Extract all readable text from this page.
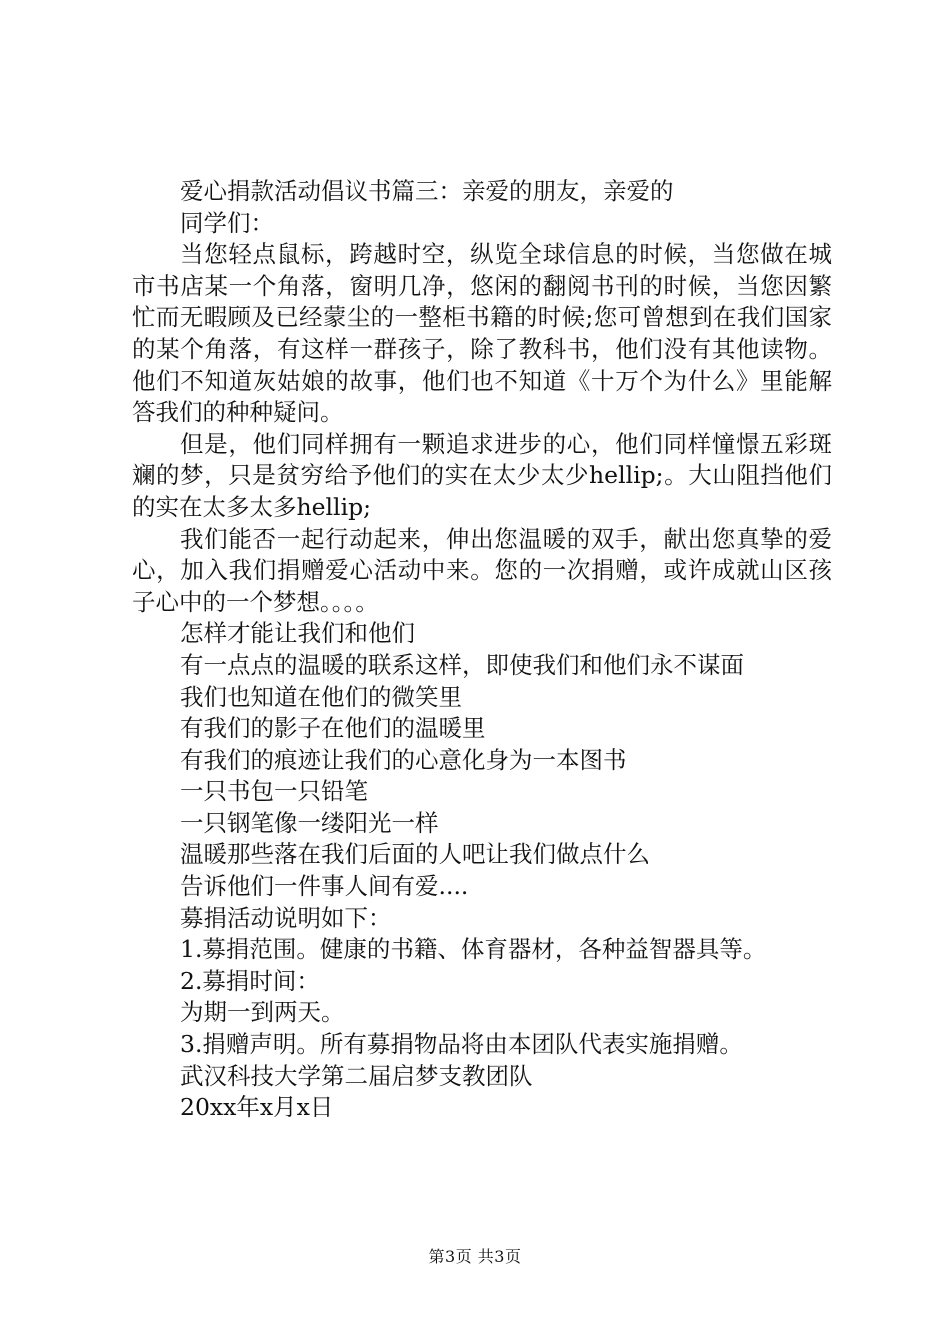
爱心捐款活动倡议书篇三：亲爱的朋友，亲爱的
同学们：
当您轻点鼠标，跨越时空，纵览全球信息的时候，当您做在城市书店某一个角落，窗明几净，悠闲的翻阅书刊的时候，当您因繁忙而无暇顾及已经蒙尘的一整柜书籍的时候;您可曾想到在我们国家的某个角落，有这样一群孩子，除了教科书，他们没有其他读物。他们不知道灰姑娘的故事，他们也不知道《十万个为什么》里能解答我们的种种疑问。
但是，他们同样拥有一颗追求进步的心，他们同样憧憬五彩斑斓的梦，只是贫穷给予他们的实在太少太少hellip;。大山阻挡他们的实在太多太多hellip;
我们能否一起行动起来，伸出您温暖的双手，献出您真挚的爱心，加入我们捐赠爱心活动中来。您的一次捐赠，或许成就山区孩子心中的一个梦想。。。。
怎样才能让我们和他们
有一点点的温暖的联系这样，即使我们和他们永不谋面
我们也知道在他们的微笑里
有我们的影子在他们的温暖里
有我们的痕迹让我们的心意化身为一本图书
一只书包一只铅笔
一只钢笔像一缕阳光一样
温暖那些落在我们后面的人吧让我们做点什么
告诉他们一件事人间有爱....
募捐活动说明如下：
1.募捐范围。健康的书籍、体育器材，各种益智器具等。
2.募捐时间：
为期一到两天。
3.捐赠声明。所有募捐物品将由本团队代表实施捐赠。
武汉科技大学第二届启梦支教团队
20xx年x月x日
第3页 共3页
